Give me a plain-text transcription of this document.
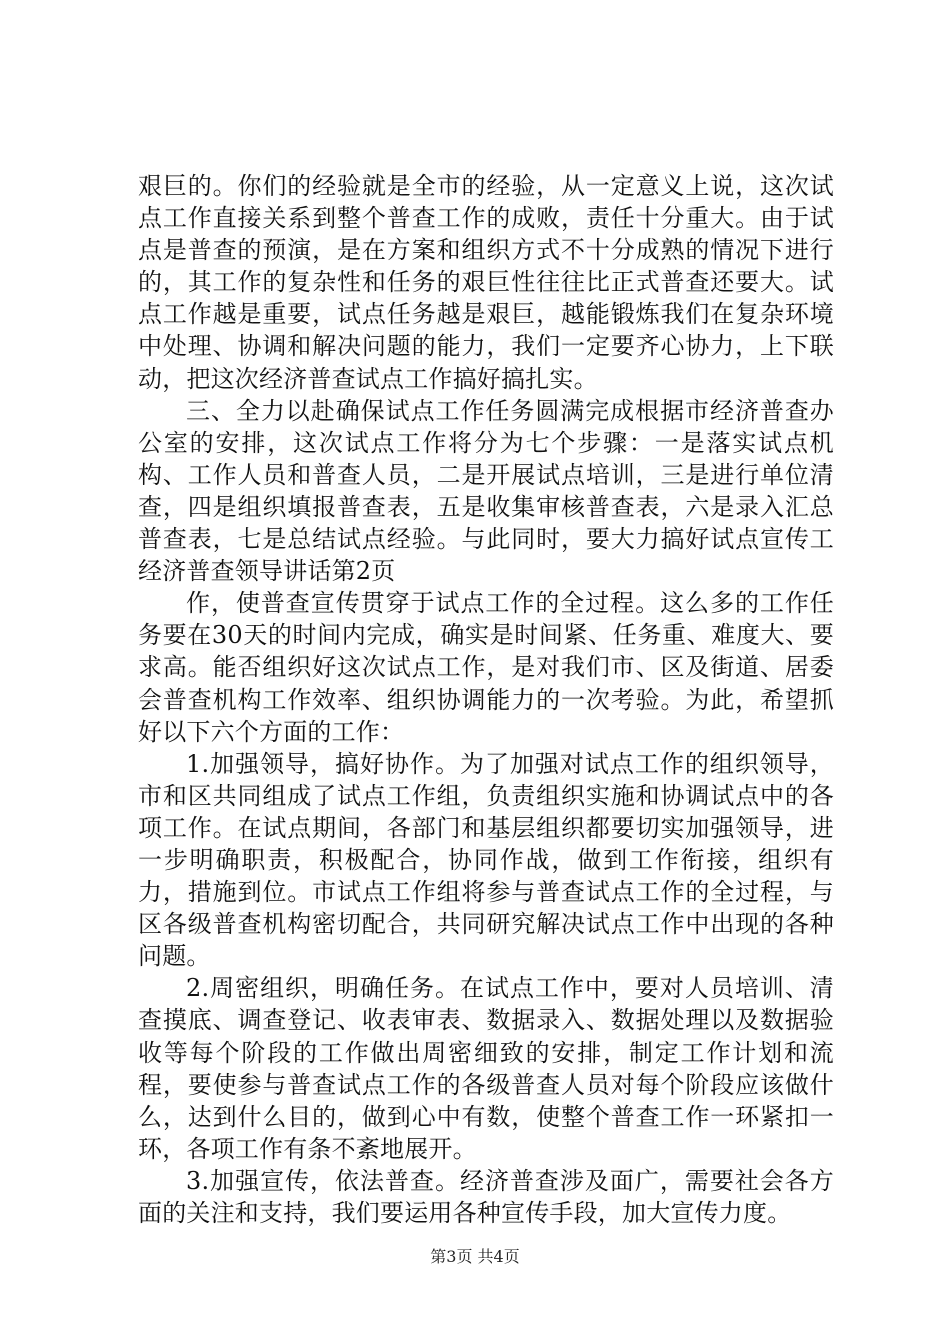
艰巨的。你们的经验就是全市的经验，从一定意义上说，这次试点工作直接关系到整个普查工作的成败，责任十分重大。由于试点是普查的预演，是在方案和组织方式不十分成熟的情况下进行的，其工作的复杂性和任务的艰巨性往往比正式普查还要大。试点工作越是重要，试点任务越是艰巨，越能锻炼我们在复杂环境中处理、协调和解决问题的能力，我们一定要齐心协力，上下联动，把这次经济普查试点工作搞好搞扎实。

三、全力以赴确保试点工作任务圆满完成根据市经济普查办公室的安排，这次试点工作将分为七个步骤：一是落实试点机构、工作人员和普查人员，二是开展试点培训，三是进行单位清查，四是组织填报普查表，五是收集审核普查表，六是录入汇总普查表，七是总结试点经验。与此同时，要大力搞好试点宣传工经济普查领导讲话第2页

作，使普查宣传贯穿于试点工作的全过程。这么多的工作任务要在30天的时间内完成，确实是时间紧、任务重、难度大、要求高。能否组织好这次试点工作，是对我们市、区及街道、居委会普查机构工作效率、组织协调能力的一次考验。为此，希望抓好以下六个方面的工作：

1.加强领导，搞好协作。为了加强对试点工作的组织领导，市和区共同组成了试点工作组，负责组织实施和协调试点中的各项工作。在试点期间，各部门和基层组织都要切实加强领导，进一步明确职责，积极配合，协同作战，做到工作衔接，组织有力，措施到位。市试点工作组将参与普查试点工作的全过程，与区各级普查机构密切配合，共同研究解决试点工作中出现的各种问题。

2.周密组织，明确任务。在试点工作中，要对人员培训、清查摸底、调查登记、收表审表、数据录入、数据处理以及数据验收等每个阶段的工作做出周密细致的安排，制定工作计划和流程，要使参与普查试点工作的各级普查人员对每个阶段应该做什么，达到什么目的，做到心中有数，使整个普查工作一环紧扣一环，各项工作有条不紊地展开。

3.加强宣传，依法普查。经济普查涉及面广，需要社会各方面的关注和支持，我们要运用各种宣传手段，加大宣传力度。

第3页 共4页
